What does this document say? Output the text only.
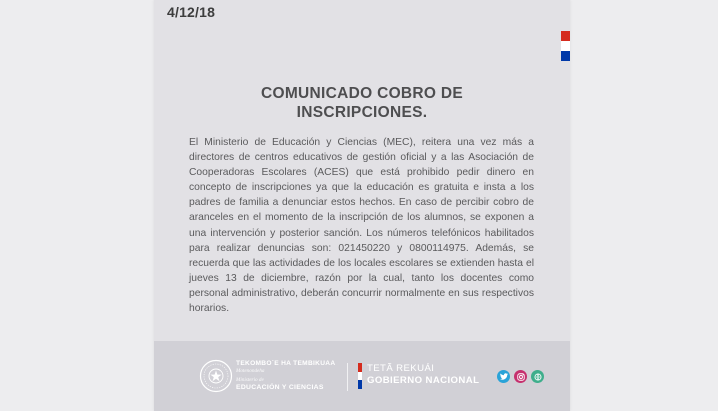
4/12/18
COMUNICADO COBRO DE INSCRIPCIONES.
El Ministerio de Educación y Ciencias (MEC), reitera una vez más a directores de centros educativos de gestión oficial y a las Asociación de Cooperadoras Escolares (ACES) que está prohibido pedir dinero en concepto de inscripciones ya que la educación es gratuita e insta a los padres de familia a denunciar estos hechos. En caso de percibir cobro de aranceles en el momento de la inscripción de los alumnos, se exponen a una intervención y posterior sanción. Los números telefónicos habilitados para realizar denuncias son: 021450220 y 0800114975. Además, se recuerda que las actividades de los locales escolares se extienden hasta el jueves 13 de diciembre, razón por la cual, tanto los docentes como personal administrativo, deberán concurrir normalmente en sus respectivos horarios.
TEKOMBO´E HA TEMBIKUAA
Motenondeha
Ministerio de
EDUCACIÓN Y CIENCIAS
TETÃ REKUÁI
GOBIERNO NACIONAL
